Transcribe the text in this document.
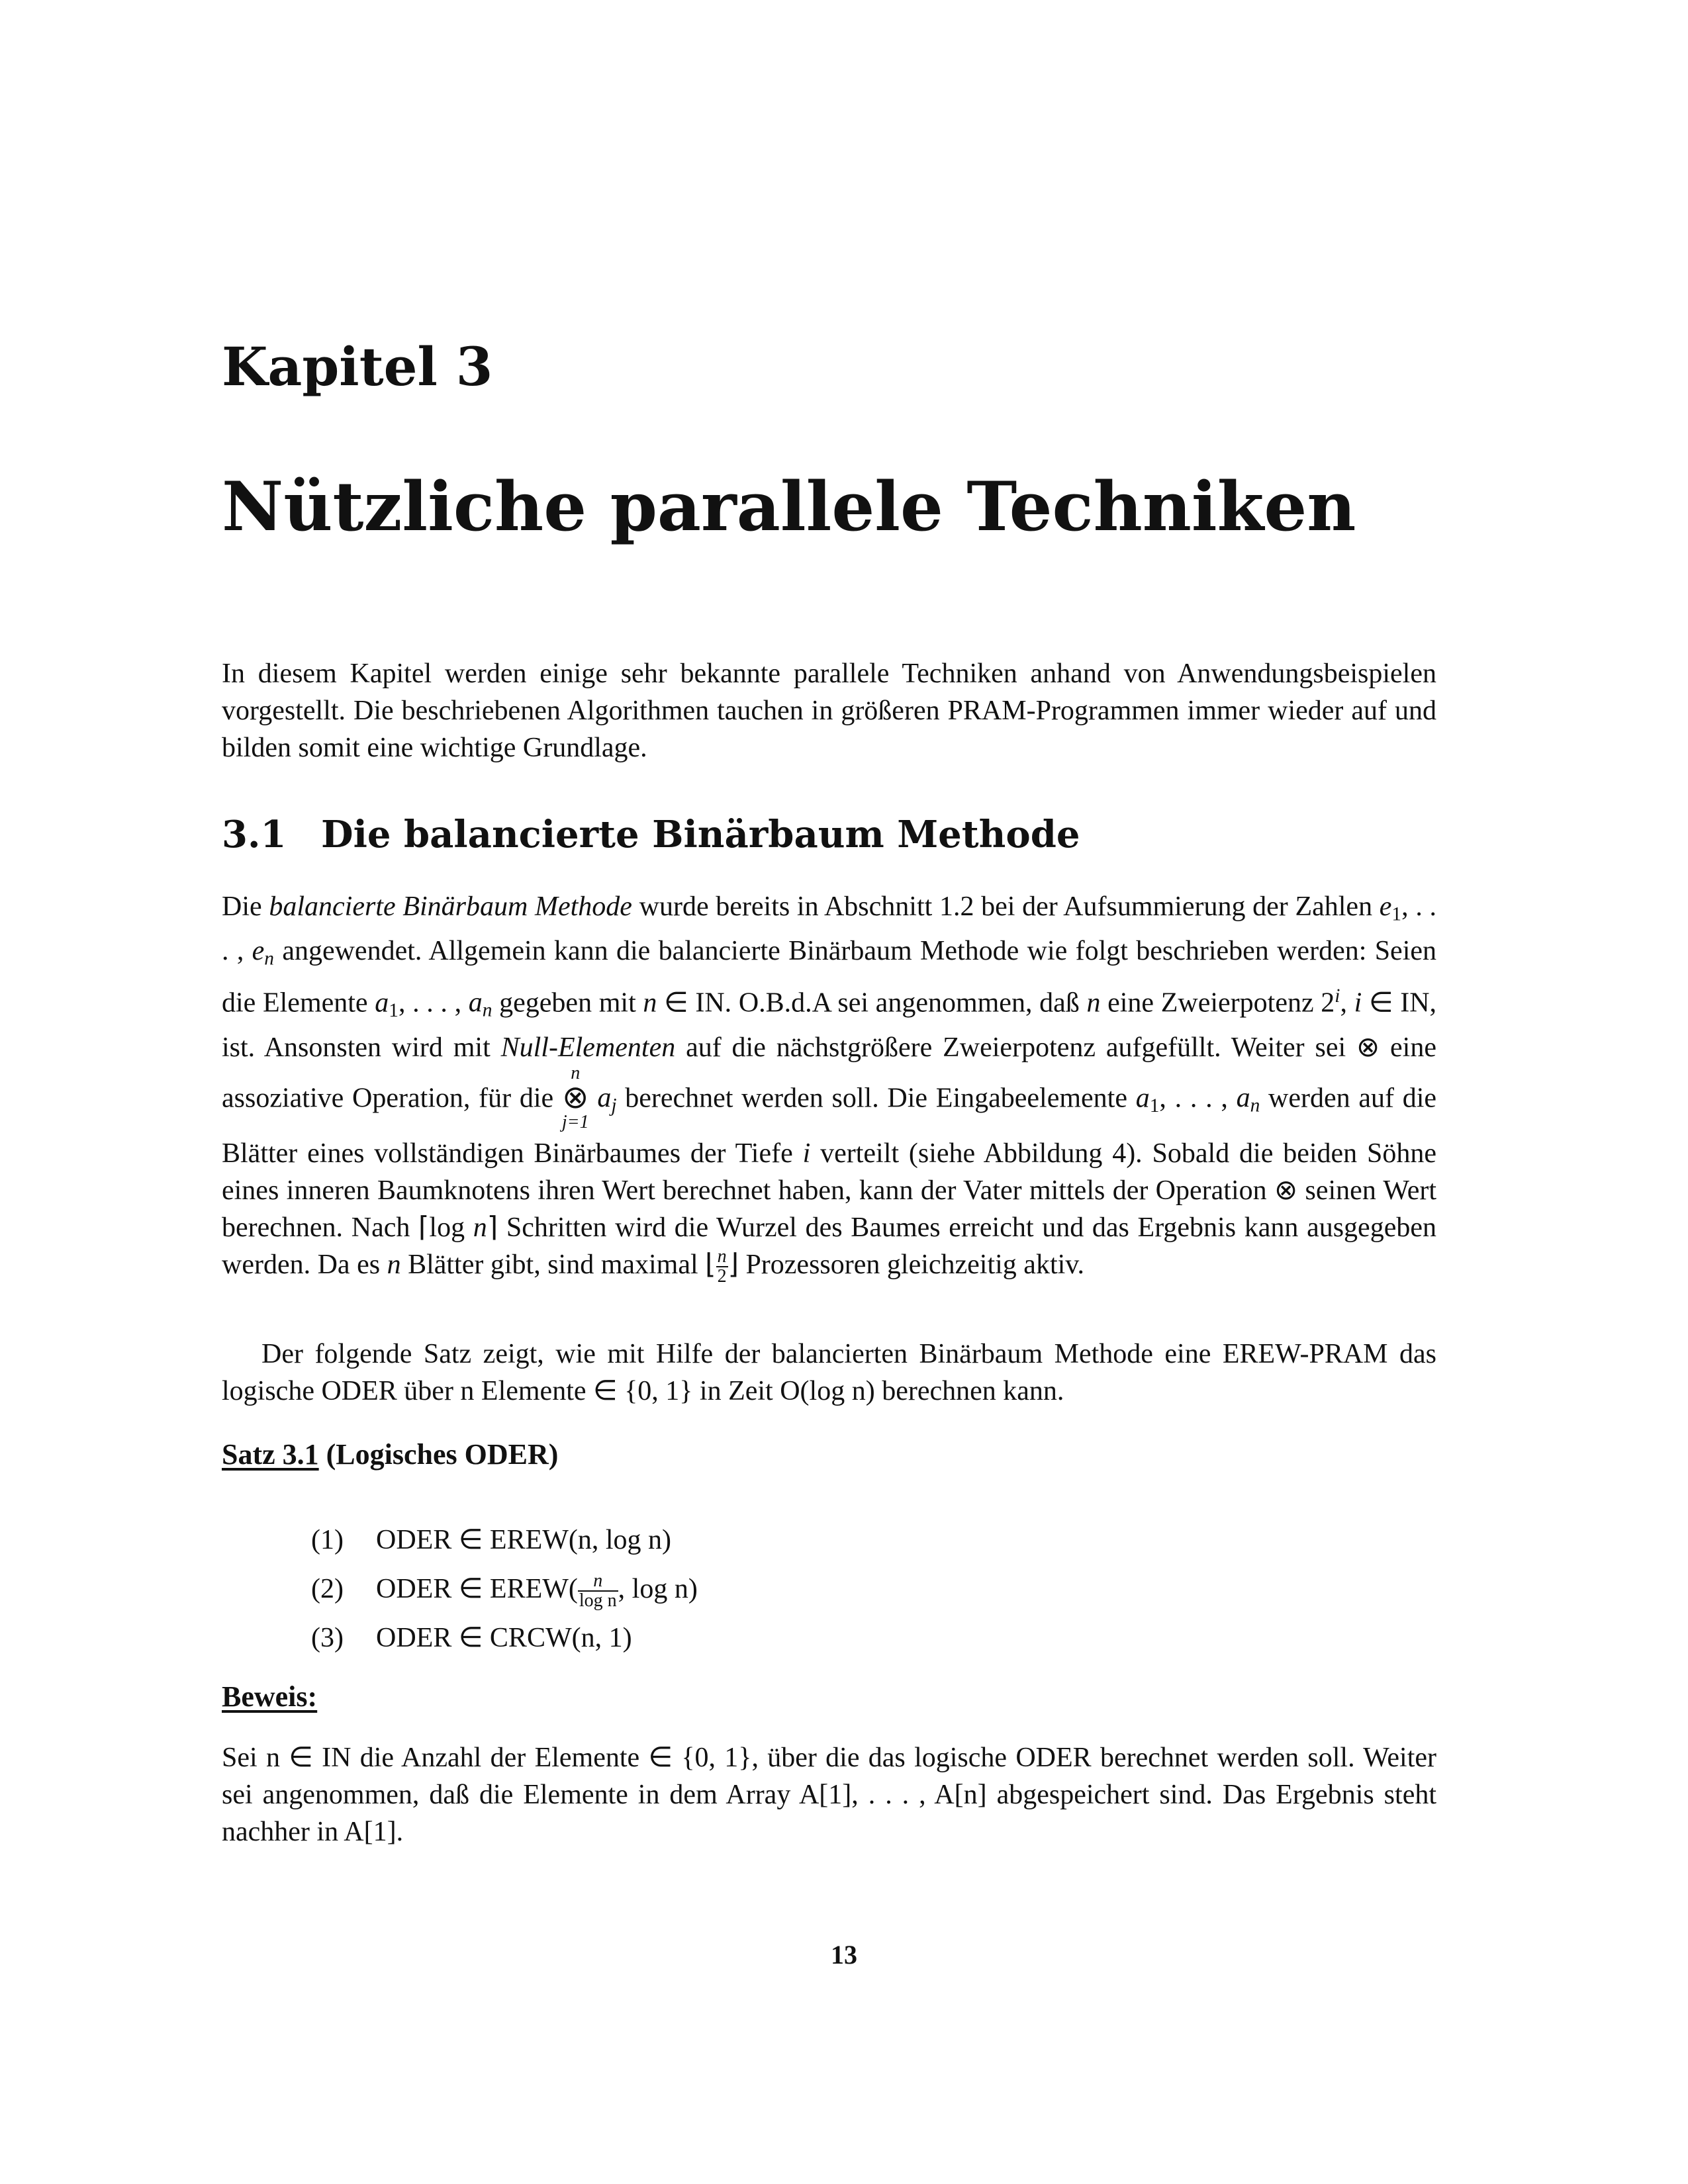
Kapitel 3
Nützliche parallele Techniken

In diesem Kapitel werden einige sehr bekannte parallele Techniken anhand von Anwendungsbeispielen vorgestellt. Die beschriebenen Algorithmen tauchen in größeren PRAM-Programmen immer wieder auf und bilden somit eine wichtige Grundlage.

3.1 Die balancierte Binärbaum Methode

Die balancierte Binärbaum Methode wurde bereits in Abschnitt 1.2 bei der Aufsummierung der Zahlen $e_1$, . . . , $e_n$ angewendet. Allgemein kann die balancierte Binärbaum Methode wie folgt beschrieben werden: Seien die Elemente $a_1$, . . . , $a_n$ gegeben mit n ∈ IN. O.B.d.A sei angenommen, daß n eine Zweierpotenz 2$^i$, i ∈ IN, ist. Ansonsten wird mit Null-Elementen auf die nächstgrößere Zweierpotenz aufgefüllt. Weiter sei ⊗ eine assoziative Operation, für die
n
⊗
j=1
$a_j$ berechnet werden soll. Die Eingabeelemente $a_1$, . . . , $a_n$ werden auf die Blätter eines vollständigen Binärbaumes der Tiefe i verteilt (siehe Abbildung 4). Sobald die beiden Söhne eines inneren Baumknotens ihren Wert berechnet haben, kann der Vater mittels der Operation ⊗ seinen Wert berechnen. Nach ⌈log n⌉ Schritten wird die Wurzel des Baumes erreicht und das Ergebnis kann ausgegeben werden. Da es n Blätter gibt, sind maximal ⌊ $\frac{n}{2}$ ⌋ Prozessoren gleichzeitig aktiv.

Der folgende Satz zeigt, wie mit Hilfe der balancierten Binärbaum Methode eine EREW-PRAM das logische ODER über n Elemente ∈ {0, 1} in Zeit O(log n) berechnen kann.

Satz 3.1 (Logisches ODER)
(1) ODER ∈ EREW(n, log n)
(2) ODER ∈ EREW( $\frac{n}{\text{log n}}$ , log n)
(3) ODER ∈ CRCW(n, 1)

Beweis:

Sei n ∈ IN die Anzahl der Elemente ∈ {0, 1}, über die das logische ODER berechnet werden soll. Weiter sei angenommen, daß die Elemente in dem Array A[1], . . . , A[n] abgespeichert sind. Das Ergebnis steht nachher in A[1].

13
